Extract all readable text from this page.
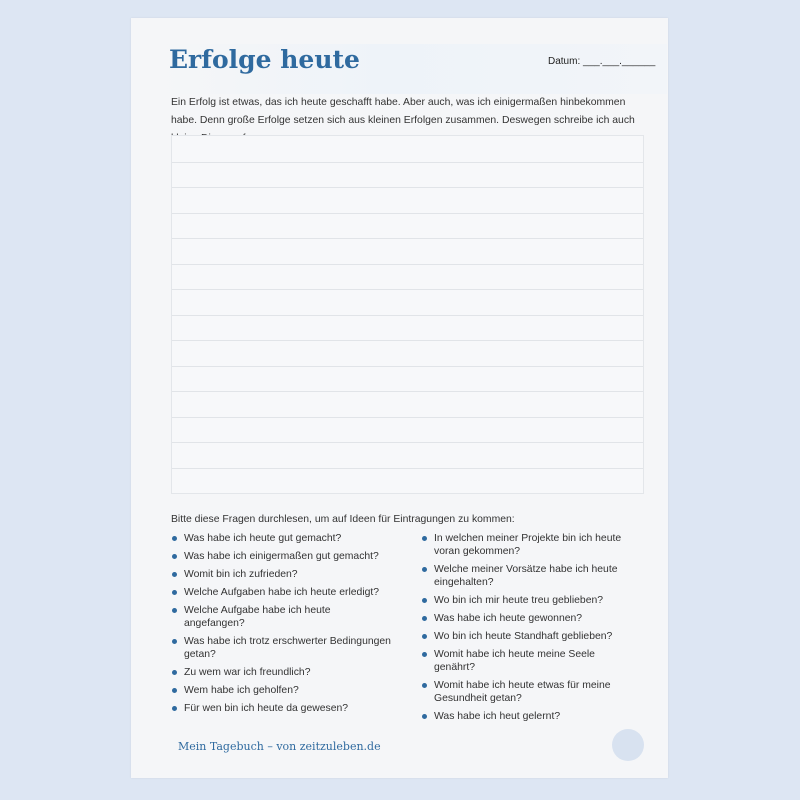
Erfolge heute	Datum: ___.___.______

Ein Erfolg ist etwas, das ich heute geschafft habe. Aber auch, was ich einigermaßen hinbekommen habe. Denn große Erfolge setzen sich aus kleinen Erfolgen zusammen. Deswegen schreibe ich auch

Bitte diese Fragen durchlesen, um auf Ideen für Eintragungen zu kommen:

Was habe ich heute gut gemacht?
Was habe ich einigermaßen gut gemacht?
Womit bin ich zufrieden?
Welche Aufgaben habe ich heute erledigt?
Welche Aufgabe habe ich heute angefangen?
Was habe ich trotz erschwerter Bedingungen getan?
Zu wem war ich freundlich?
Wem habe ich geholfen?
Für wen bin ich heute da gewesen?
In welchen meiner Projekte bin ich heute voran gekommen?
Welche meiner Vorsätze habe ich heute eingehalten?
Wo bin ich mir heute treu geblieben?
Was habe ich heute gewonnen?
Wo bin ich heute Standhaft geblieben?
Womit habe ich heute meine Seele genährt?
Womit habe ich heute etwas für meine Gesundheit getan?
Was habe ich heut gelernt?
Mein Tagebuch – von zeitzuleben.de
